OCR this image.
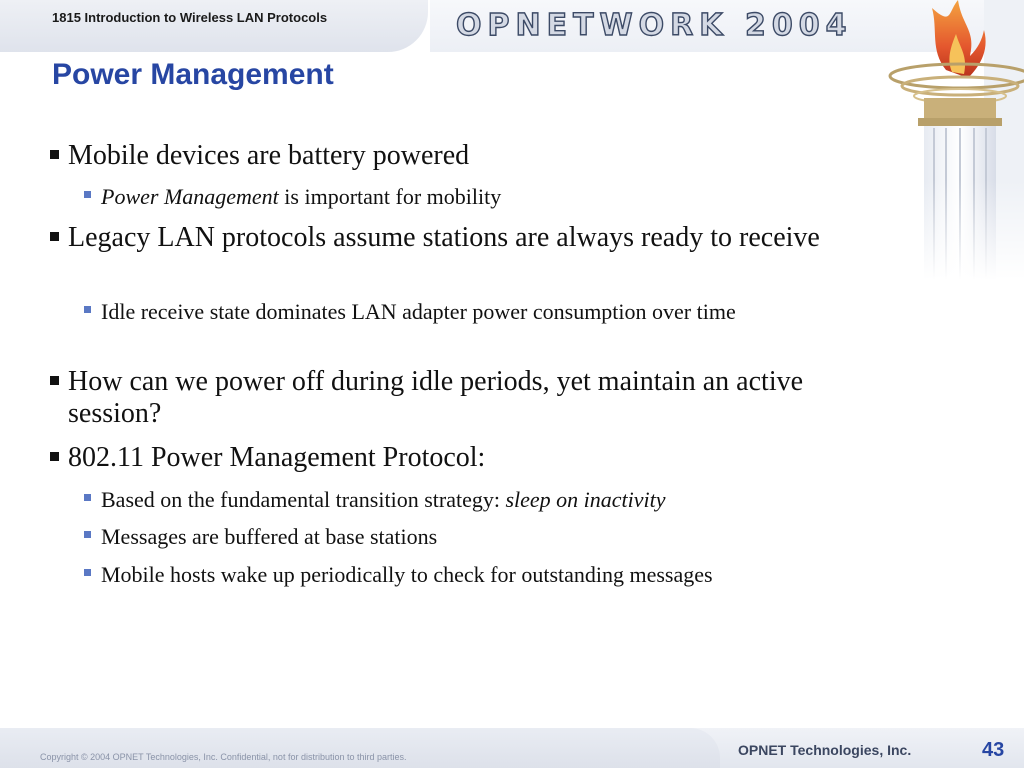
1815 Introduction to Wireless LAN Protocols	OPNETWORK 2004
Power Management
Mobile devices are battery powered
Power Management is important for mobility
Legacy LAN protocols assume stations are always ready to receive
Idle receive state dominates LAN adapter power consumption over time
How can we power off during idle periods, yet maintain an active session?
802.11 Power Management Protocol:
Based on the fundamental transition strategy: sleep on inactivity
Messages are buffered at base stations
Mobile hosts wake up periodically to check for outstanding messages
Copyright © 2004 OPNET Technologies, Inc. Confidential, not for distribution to third parties.	OPNET Technologies, Inc.	43
